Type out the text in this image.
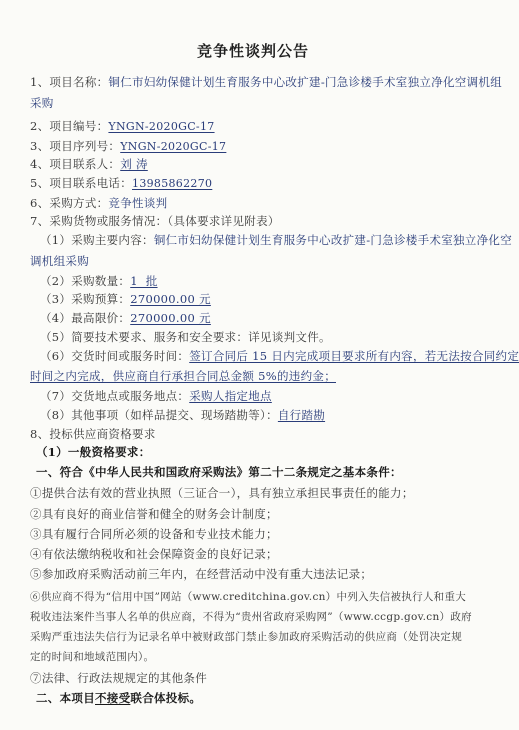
竞争性谈判公告
1、项目名称：铜仁市妇幼保健计划生育服务中心改扩建-门急诊楼手术室独立净化空调机组
采购
2、项目编号：YNGN-2020GC-17
3、项目序列号：YNGN-2020GC-17
4、项目联系人：刘 涛
5、项目联系电话：13985862270
6、采购方式：竞争性谈判
7、采购货物或服务情况：（具体要求详见附表）
（1）采购主要内容：铜仁市妇幼保健计划生育服务中心改扩建-门急诊楼手术室独立净化空
调机组采购
（2）采购数量：1  批
（3）采购预算：270000.00 元
（4）最高限价：270000.00 元
（5）简要技术要求、服务和安全要求：详见谈判文件。
（6）交货时间或服务时间：签订合同后 15 日内完成项目要求所有内容，若无法按合同约定
时间之内完成，供应商自行承担合同总金额 5%的违约金；
（7）交货地点或服务地点：采购人指定地点
（8）其他事项（如样品提交、现场踏勘等）：自行踏勘
8、投标供应商资格要求
（1）一般资格要求：
一、符合《中华人民共和国政府采购法》第二十二条规定之基本条件：
①提供合法有效的营业执照（三证合一），具有独立承担民事责任的能力；
②具有良好的商业信誉和健全的财务会计制度；
③具有履行合同所必须的设备和专业技术能力；
④有依法缴纳税收和社会保障资金的良好记录；
⑤参加政府采购活动前三年内，在经营活动中没有重大违法记录；
⑥供应商不得为“信用中国”网站（www.creditchina.gov.cn）中列入失信被执行人和重大
税收违法案件当事人名单的供应商，不得为“贵州省政府采购网”（www.ccgp.gov.cn）政府
采购严重违法失信行为记录名单中被财政部门禁止参加政府采购活动的供应商（处罚决定规
定的时间和地域范围内）。
⑦法律、行政法规规定的其他条件
二、本项目不接受联合体投标。
